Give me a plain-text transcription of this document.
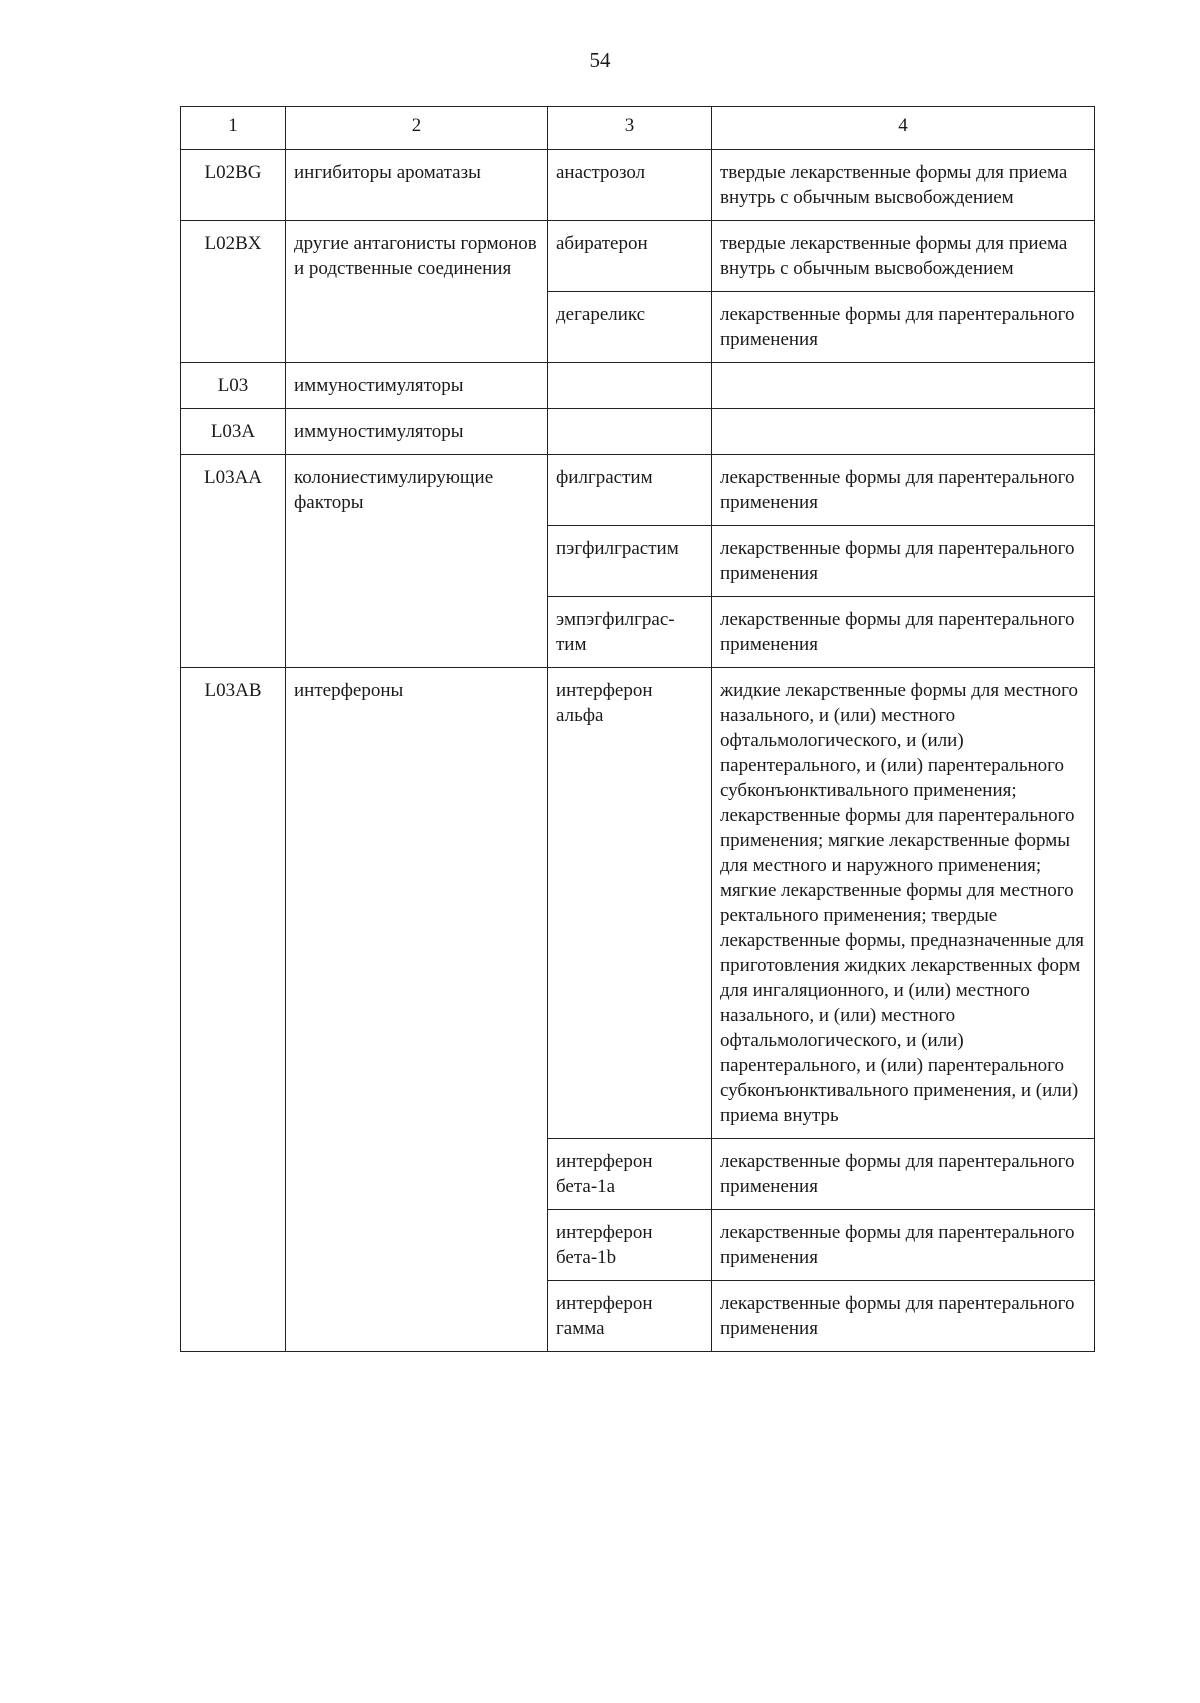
54
1	2	3	4
L02BG	ингибиторы ароматазы	анастрозол	твердые лекарственные формы для приема внутрь с обычным высвобождением
L02BX	другие антагонисты гормонов и родственные соединения	абиратерон	твердые лекарственные формы для приема внутрь с обычным высвобождением
		дегареликс	лекарственные формы для парентерального применения
L03	иммуностимуляторы		
L03A	иммуностимуляторы		
L03AA	колониестимулирующие факторы	филграстим	лекарственные формы для парентерального применения
		пэгфилграстим	лекарственные формы для парентерального применения
		эмпэгфилграс-тим	лекарственные формы для парентерального применения
L03AB	интерфероны	интерферон альфа	жидкие лекарственные формы для местного назального, и (или) местного офтальмологического, и (или) парентерального, и (или) парентерального субконъюнктивального применения; лекарственные формы для парентерального применения; мягкие лекарственные формы для местного и наружного применения; мягкие лекарственные формы для местного ректального применения; твердые лекарственные формы, предназначенные для приготовления жидких лекарственных форм для ингаляционного, и (или) местного назального, и (или) местного офтальмологического, и (или) парентерального, и (или) парентерального субконъюнктивального применения, и (или) приема внутрь
		интерферон бета-1a	лекарственные формы для парентерального применения
		интерферон бета-1b	лекарственные формы для парентерального применения
		интерферон гамма	лекарственные формы для парентерального применения
